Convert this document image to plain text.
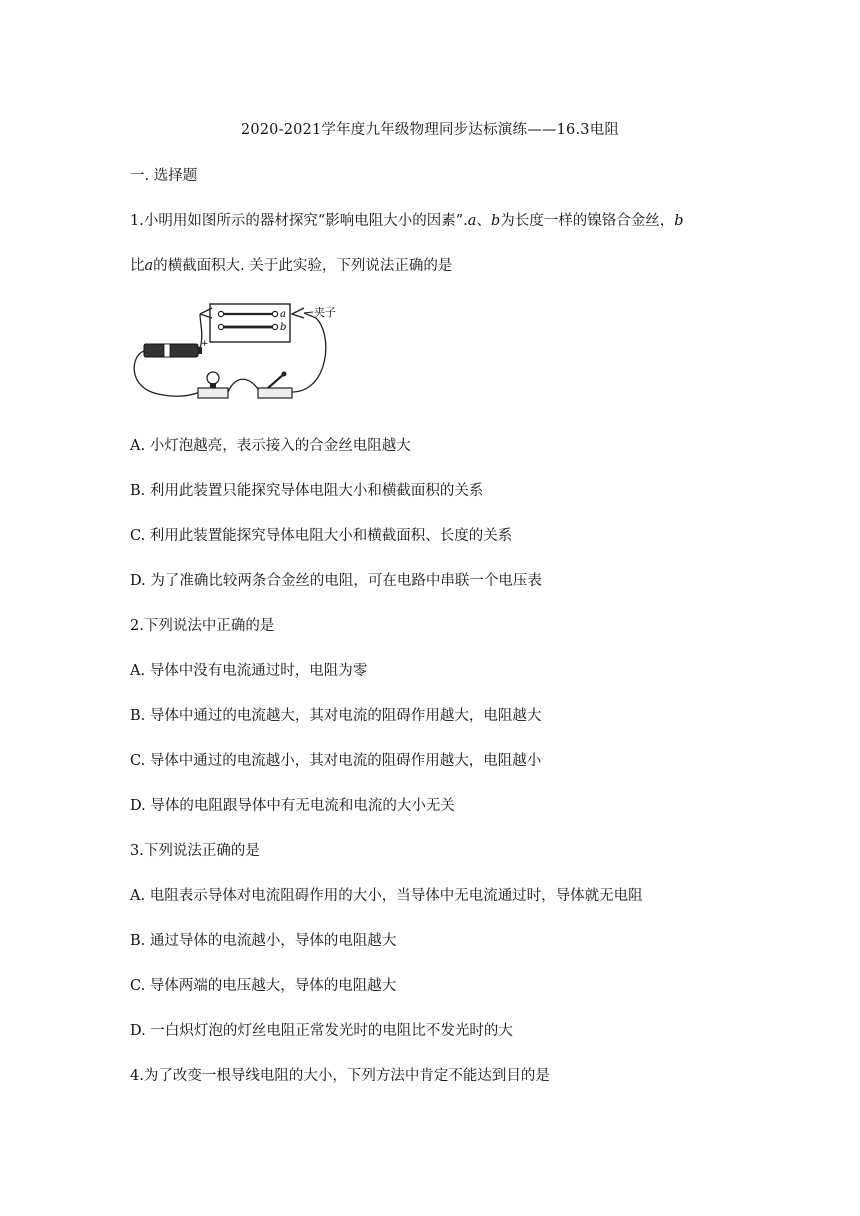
2020-2021学年度九年级物理同步达标演练——16.3电阻
一. 选择题
1.小明用如图所示的器材探究“影响电阻大小的因素”.a、b为长度一样的镍铬合金丝，b
比a的横截面积大. 关于此实验，下列说法正确的是
a
b
夹子
+
A. 小灯泡越亮，表示接入的合金丝电阻越大
B. 利用此装置只能探究导体电阻大小和横截面积的关系
C. 利用此装置能探究导体电阻大小和横截面积、长度的关系
D. 为了准确比较两条合金丝的电阻，可在电路中串联一个电压表
2.下列说法中正确的是
A. 导体中没有电流通过时，电阻为零
B. 导体中通过的电流越大，其对电流的阻碍作用越大，电阻越大
C. 导体中通过的电流越小，其对电流的阻碍作用越大，电阻越小
D. 导体的电阻跟导体中有无电流和电流的大小无关
3.下列说法正确的是
A. 电阻表示导体对电流阻碍作用的大小，当导体中无电流通过时，导体就无电阻
B. 通过导体的电流越小，导体的电阻越大
C. 导体两端的电压越大，导体的电阻越大
D. 一白炽灯泡的灯丝电阻正常发光时的电阻比不发光时的大
4.为了改变一根导线电阻的大小，下列方法中肯定不能达到目的是
